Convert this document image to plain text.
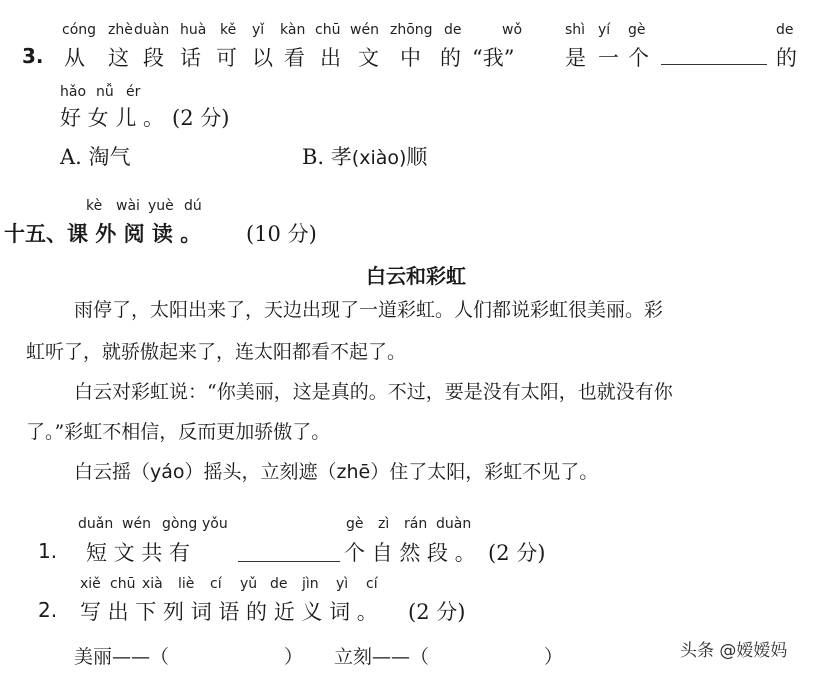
cóng zhè duàn huà kě yǐ kàn chū wén zhōng de	wǒ	shì yí gè	de
3. 从 这 段 话 可 以 看 出 文 中 的 “我” 是 一 个	的
hǎo nǚ ér
好 女 儿 。 (2 分)
A. 淘气	B. 孝(xiào)顺
kè wài yuè dú
十五、课 外 阅 读 。 (10 分)
白云和彩虹
雨停了，太阳出来了，天边出现了一道彩虹。人们都说彩虹很美丽。彩
虹听了，就骄傲起来了，连太阳都看不起了。
白云对彩虹说：“你美丽，这是真的。不过，要是没有太阳，也就没有你
了。”彩虹不相信，反而更加骄傲了。
白云摇（yáo）摇头，立刻遮（zhē）住了太阳，彩虹不见了。
duǎn wén gòng yǒu	gè zì rán duàn
1. 短 文 共 有	个 自 然 段 。 (2 分)
xiě chū xià liè cí yǔ de jìn yì cí
2. 写 出 下 列 词 语 的 近 义 词 。 (2 分)
美丽——（	） 立刻——（	）	头条 @嫒嫒妈
